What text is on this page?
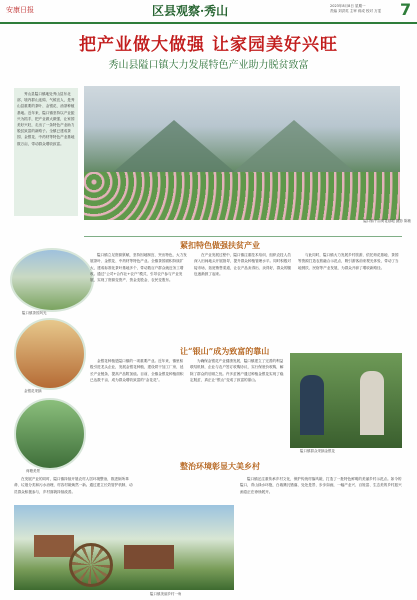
安康日报	区县观察·秀山	2023年8月8日 星期一
责编 刘洪英 主审 蒋成 校对 万雯	7
把产业做大做强 让家园美好兴旺
秀山县隘口镇大力发展特色产业助力脱贫致富

秀山县隘口镇地处秀山县东北部，境内群山连绵、气候宜人，是秀山县重要的茶叶、金银花、油茶种植基地。近年来，隘口镇坚持以产业振兴为抓手，把产业做大做强，让家园美好兴旺，走出了一条特色产业助力脱贫致富的新路子。全镇已建成茶园、金银花、中药材等特色产业基地数万亩，带动群众增收致富。

隘口镇千亩荷花基地 摄影 陈敏
紧扣特色做强扶贫产业
隘口镇茶园风光

隘口镇立足资源禀赋，坚持因地制宜、突出特色，大力发展茶叶、金银花、中药材等特色产业。全镇茶园面积持续扩大，建成标准化茶叶基地多个，带动数百户群众就近务工增收。通过“公司+合作社+农户”模式，引导农户参与产业发展，实现了资源变资产、资金变股金、农民变股东。

在产业发展过程中，隘口镇注重技术培训，组织农技人员深入田间地头开展指导，提升群众种植管理水平。同时积极对接市场，拓宽销售渠道，让农产品卖得出、卖得好，群众的腰包逐渐鼓了起来。

与此同时，隘口镇大力发展乡村旅游，依托荷花基地、茶园等资源打造农旅融合示范点，吸引游客前来观光体验，带动了当地餐饮、民宿等产业发展，为群众开辟了增收新路径。

金银花采摘
让“银山”成为致富的靠山

金银花种植是隘口镇的一项重要产业。近年来，镇里积极引进龙头企业，发展金银花种植，建设烘干加工厂房，延长产业链条，提高产品附加值。目前，全镇金银花种植面积已达数千亩，成为群众增收致富的“金花花”。

为确保金银花产业健康发展，隘口镇建立了完善的利益联结机制，企业与农户签订收购协议，实行保底价收购，解除了群众的后顾之忧。许多贫困户通过种植金银花实现了稳定脱贫，真正让“银山”变成了致富的靠山。

隘口镇群众采摘金银花
荷塘美景	整治环境彰显大美乡村

在发展产业的同时，隘口镇持续开展农村人居环境整治，推进厕所革命、垃圾分类和污水治理，村容村貌焕然一新。通过建立长效管护机制，动员群众积极参与，乡村面貌持续改善。

隘口镇还注重传承乡村文化，保护传统村落风貌，打造了一批特色鲜明的美丽乡村示范点。如今的隘口，青山绿水环抱，白墙黛瓦错落，处处是景、步步如画，一幅产业兴、百姓富、生态美的乡村振兴画卷正在徐徐展开。

隘口镇美丽乡村一角
